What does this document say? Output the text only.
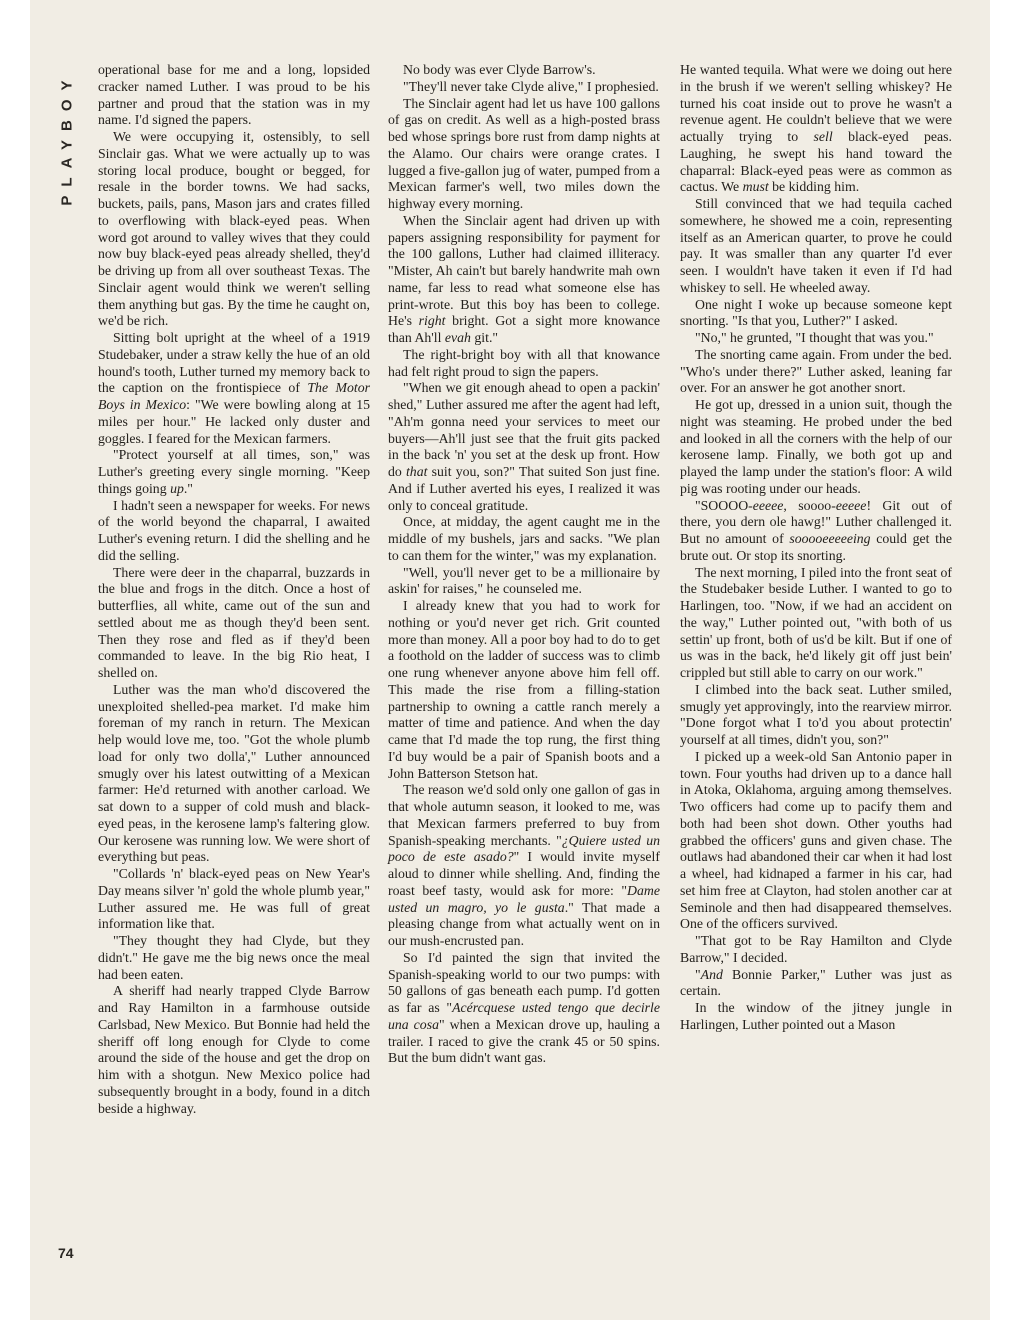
PLAYBOY
74

operational base for me and a long, lopsided cracker named Luther. I was proud to be his partner and proud that the station was in my name. I'd signed the papers.

We were occupying it, ostensibly, to sell Sinclair gas. What we were actually up to was storing local produce, bought or begged, for resale in the border towns. We had sacks, buckets, pails, pans, Mason jars and crates filled to overflowing with black-eyed peas. When word got around to valley wives that they could now buy black-eyed peas already shelled, they'd be driving up from all over southeast Texas. The Sinclair agent would think we weren't selling them anything but gas. By the time he caught on, we'd be rich.

Sitting bolt upright at the wheel of a 1919 Studebaker, under a straw kelly the hue of an old hound's tooth, Luther turned my memory back to the caption on the frontispiece of The Motor Boys in Mexico: "We were bowling along at 15 miles per hour." He lacked only duster and goggles. I feared for the Mexican farmers.

"Protect yourself at all times, son," was Luther's greeting every single morning. "Keep things going up."

I hadn't seen a newspaper for weeks. For news of the world beyond the chaparral, I awaited Luther's evening return. I did the shelling and he did the selling.

There were deer in the chaparral, buzzards in the blue and frogs in the ditch. Once a host of butterflies, all white, came out of the sun and settled about me as though they'd been sent. Then they rose and fled as if they'd been commanded to leave. In the big Rio heat, I shelled on.

Luther was the man who'd discovered the unexploited shelled-pea market. I'd make him foreman of my ranch in return. The Mexican help would love me, too. "Got the whole plumb load for only two dolla'," Luther announced smugly over his latest outwitting of a Mexican farmer: He'd returned with another carload. We sat down to a supper of cold mush and black-eyed peas, in the kerosene lamp's faltering glow. Our kerosene was running low. We were short of everything but peas.

"Collards 'n' black-eyed peas on New Year's Day means silver 'n' gold the whole plumb year," Luther assured me. He was full of great information like that.

"They thought they had Clyde, but they didn't." He gave me the big news once the meal had been eaten.

A sheriff had nearly trapped Clyde Barrow and Ray Hamilton in a farmhouse outside Carlsbad, New Mexico. But Bonnie had held the sheriff off long enough for Clyde to come around the side of the house and get the drop on him with a shotgun. New Mexico police had subsequently brought in a body, found in a ditch beside a highway.

No body was ever Clyde Barrow's.

"They'll never take Clyde alive," I prophesied.

The Sinclair agent had let us have 100 gallons of gas on credit. As well as a high-posted brass bed whose springs bore rust from damp nights at the Alamo. Our chairs were orange crates. I lugged a five-gallon jug of water, pumped from a Mexican farmer's well, two miles down the highway every morning.

When the Sinclair agent had driven up with papers assigning responsibility for payment for the 100 gallons, Luther had claimed illiteracy. "Mister, Ah cain't but barely handwrite mah own name, far less to read what someone else has print-wrote. But this boy has been to college. He's right bright. Got a sight more knowance than Ah'll evah git."

The right-bright boy with all that knowance had felt right proud to sign the papers.

"When we git enough ahead to open a packin' shed," Luther assured me after the agent had left, "Ah'm gonna need your services to meet our buyers—Ah'll just see that the fruit gits packed in the back 'n' you set at the desk up front. How do that suit you, son?" That suited Son just fine. And if Luther averted his eyes, I realized it was only to conceal gratitude.

Once, at midday, the agent caught me in the middle of my bushels, jars and sacks. "We plan to can them for the winter," was my explanation.

"Well, you'll never get to be a millionaire by askin' for raises," he counseled me.

I already knew that you had to work for nothing or you'd never get rich. Grit counted more than money. All a poor boy had to do to get a foothold on the ladder of success was to climb one rung whenever anyone above him fell off. This made the rise from a filling-station partnership to owning a cattle ranch merely a matter of time and patience. And when the day came that I'd made the top rung, the first thing I'd buy would be a pair of Spanish boots and a John Batterson Stetson hat.

The reason we'd sold only one gallon of gas in that whole autumn season, it looked to me, was that Mexican farmers preferred to buy from Spanish-speaking merchants. "¿Quiere usted un poco de este asado?" I would invite myself aloud to dinner while shelling. And, finding the roast beef tasty, would ask for more: "Dame usted un magro, yo le gusta." That made a pleasing change from what actually went on in our mush-encrusted pan.

So I'd painted the sign that invited the Spanish-speaking world to our two pumps: with 50 gallons of gas beneath each pump. I'd gotten as far as "Acércquese usted tengo que decirle una cosa" when a Mexican drove up, hauling a trailer. I raced to give the crank 45 or 50 spins. But the bum didn't want gas.

He wanted tequila. What were we doing out here in the brush if we weren't selling whiskey? He turned his coat inside out to prove he wasn't a revenue agent. He couldn't believe that we were actually trying to sell black-eyed peas. Laughing, he swept his hand toward the chaparral: Black-eyed peas were as common as cactus. We must be kidding him.

Still convinced that we had tequila cached somewhere, he showed me a coin, representing itself as an American quarter, to prove he could pay. It was smaller than any quarter I'd ever seen. I wouldn't have taken it even if I'd had whiskey to sell. He wheeled away.

One night I woke up because someone kept snorting. "Is that you, Luther?" I asked.

"No," he grunted, "I thought that was you."

The snorting came again. From under the bed. "Who's under there?" Luther asked, leaning far over. For an answer he got another snort.

He got up, dressed in a union suit, though the night was steaming. He probed under the bed and looked in all the corners with the help of our kerosene lamp. Finally, we both got up and played the lamp under the station's floor: A wild pig was rooting under our heads.

"SOOOO-eeeee, soooo-eeeee! Git out of there, you dern ole hawg!" Luther challenged it. But no amount of sooooeeeeeing could get the brute out. Or stop its snorting.

The next morning, I piled into the front seat of the Studebaker beside Luther. I wanted to go to Harlingen, too. "Now, if we had an accident on the way," Luther pointed out, "with both of us settin' up front, both of us'd be kilt. But if one of us was in the back, he'd likely git off just bein' crippled but still able to carry on our work."

I climbed into the back seat. Luther smiled, smugly yet approvingly, into the rearview mirror. "Done forgot what I to'd you about protectin' yourself at all times, didn't you, son?"

I picked up a week-old San Antonio paper in town. Four youths had driven up to a dance hall in Atoka, Oklahoma, arguing among themselves. Two officers had come up to pacify them and both had been shot down. Other youths had grabbed the officers' guns and given chase. The outlaws had abandoned their car when it had lost a wheel, had kidnaped a farmer in his car, had set him free at Clayton, had stolen another car at Seminole and then had disappeared themselves. One of the officers survived.

"That got to be Ray Hamilton and Clyde Barrow," I decided.

"And Bonnie Parker," Luther was just as certain.

In the window of the jitney jungle in Harlingen, Luther pointed out a Mason
